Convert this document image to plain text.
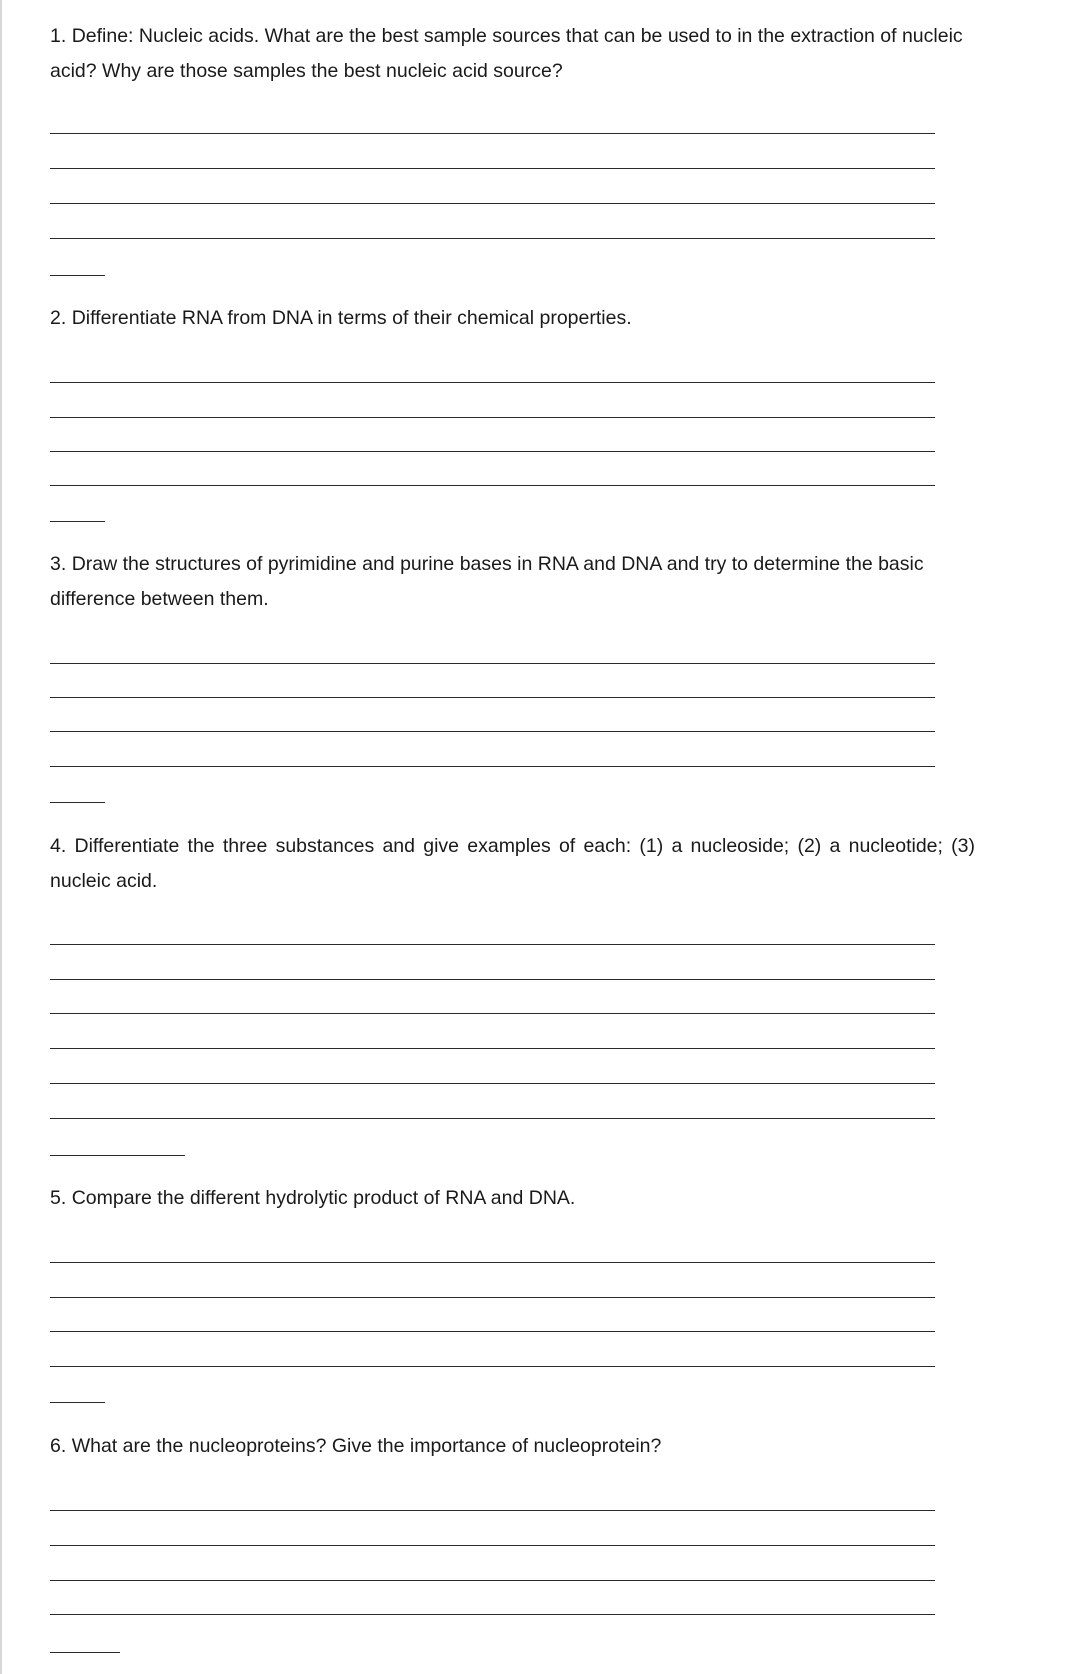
1. Define: Nucleic acids. What are the best sample sources that can be used to in the extraction of nucleic acid? Why are those samples the best nucleic acid source?

2. Differentiate RNA from DNA in terms of their chemical properties.

3. Draw the structures of pyrimidine and purine bases in RNA and DNA and try to determine the basic difference between them.

4. Differentiate the three substances and give examples of each: (1) a nucleoside; (2) a nucleotide; (3) nucleic acid.

5. Compare the different hydrolytic product of RNA and DNA.

6. What are the nucleoproteins? Give the importance of nucleoprotein?
